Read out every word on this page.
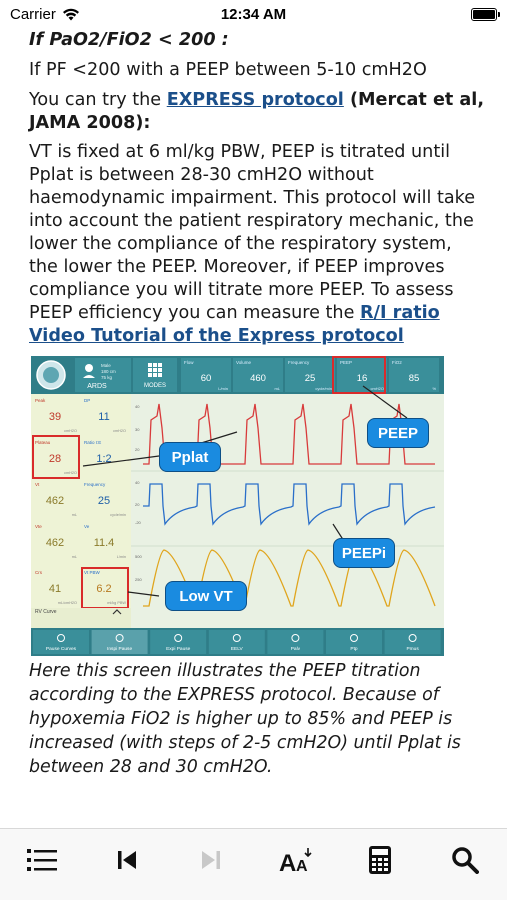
Carrier	12:34 AM
If PaO2/FiO2 < 200 :
If PF <200 with a PEEP between 5-10 cmH2O
You can try the EXPRESS protocol (Mercat et al, JAMA 2008):
VT is fixed at 6 ml/kg PBW, PEEP is titrated until Pplat is between 28-30 cmH2O without haemodynamic impairment. This protocol will take into account the patient respiratory mechanic, the lower the compliance of the respiratory system, the lower the PEEP. Moreover, if PEEP improves compliance you will titrate more PEEP. To assess PEEP efficiency you can measure the R/I ratio
Video Tutorial of the Express protocol
Male
180 cm
75 kg
ARDS	MODES
Flow
60
L/min
Volume
460
mL
Frequency
25
cycle/min
PEEP
16
cmH2O
FiO2
85
%
Peak
39
cmH2O
DP
11
cmH2O
Plateau
28
cmH2O
Ratio I:E
1:2
Vt
462
mL
Frequency
25
cycle/min
Vte
462
mL
Ve
11.4
L/min
Crs
41
mL/cmH2O
Vt PBW
6.2
ml/kg PBW
RV Curve
40
30
20
40
20
-20
500
250
Pause Curves	Inspi Pause	Expi Pause	EELV	Palv	Ptp	Pmus
PEEP
Pplat
PEEPi
Low VT
Here this screen illustrates the PEEP titration according to the EXPRESS protocol. Because of hypoxemia FiO2 is higher up to 85% and PEEP is increased (with steps of 2-5 cmH2O) until Pplat is between 28 and 30 cmH2O.
A A
